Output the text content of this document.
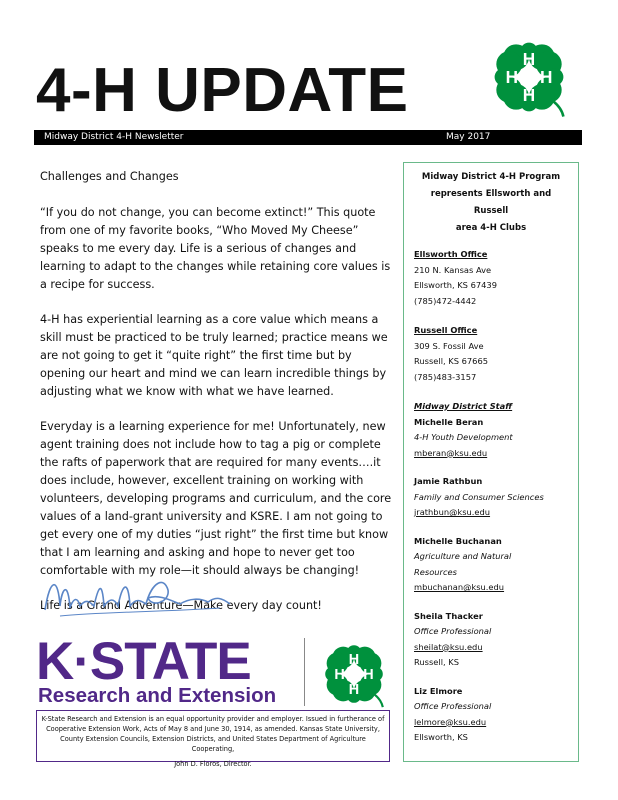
4-H UPDATE	H
H
H
H
Midway District 4-H Newsletter	May 2017

Challenges and Changes

“If you do not change, you can become extinct!” This quote from one of my favorite books, “Who Moved My Cheese” speaks to me every day. Life is a serious of changes and learning to adapt to the changes while retaining core values is a recipe for success.

4-H has experiential learning as a core value which means a skill must be practiced to be truly learned; practice means we are not going to get it “quite right” the first time but by opening our heart and mind we can learn incredible things by adjusting what we know with what we have learned.

Everyday is a learning experience for me! Unfortunately, new agent training does not include how to tag a pig or complete the rafts of paperwork that are required for many events….it does include, however, excellent training on working with volunteers, developing programs and curriculum, and the core values of a land-grant university and KSRE. I am not going to get every one of my duties “just right” the first time but know that I am learning and asking and hope to never get too comfortable with my role—it should always be changing!

Life is a Grand Adventure—Make every day count!

K·STATE
Research and Extension
H
H
H
H
K-State Research and Extension is an equal opportunity provider and employer. Issued in furtherance of Cooperative Extension Work, Acts of May 8 and June 30, 1914, as amended. Kansas State University, County Extension Councils, Extension Districts, and United States Department of Agriculture Cooperating,
John D. Floros, Director.
Midway District 4-H Program
represents Ellsworth and Russell
area 4-H Clubs
Ellsworth Office
210 N. Kansas Ave
Ellsworth, KS 67439
(785)472-4442
Russell Office
309 S. Fossil Ave
Russell, KS 67665
(785)483-3157
Midway District Staff
Michelle Beran
4-H Youth Development
mberan@ksu.edu
Jamie Rathbun
Family and Consumer Sciences
jrathbun@ksu.edu
Michelle Buchanan
Agriculture and Natural
Resources
mbuchanan@ksu.edu
Sheila Thacker
Office Professional
sheilat@ksu.edu
Russell, KS
Liz Elmore
Office Professional
lelmore@ksu.edu
Ellsworth, KS
